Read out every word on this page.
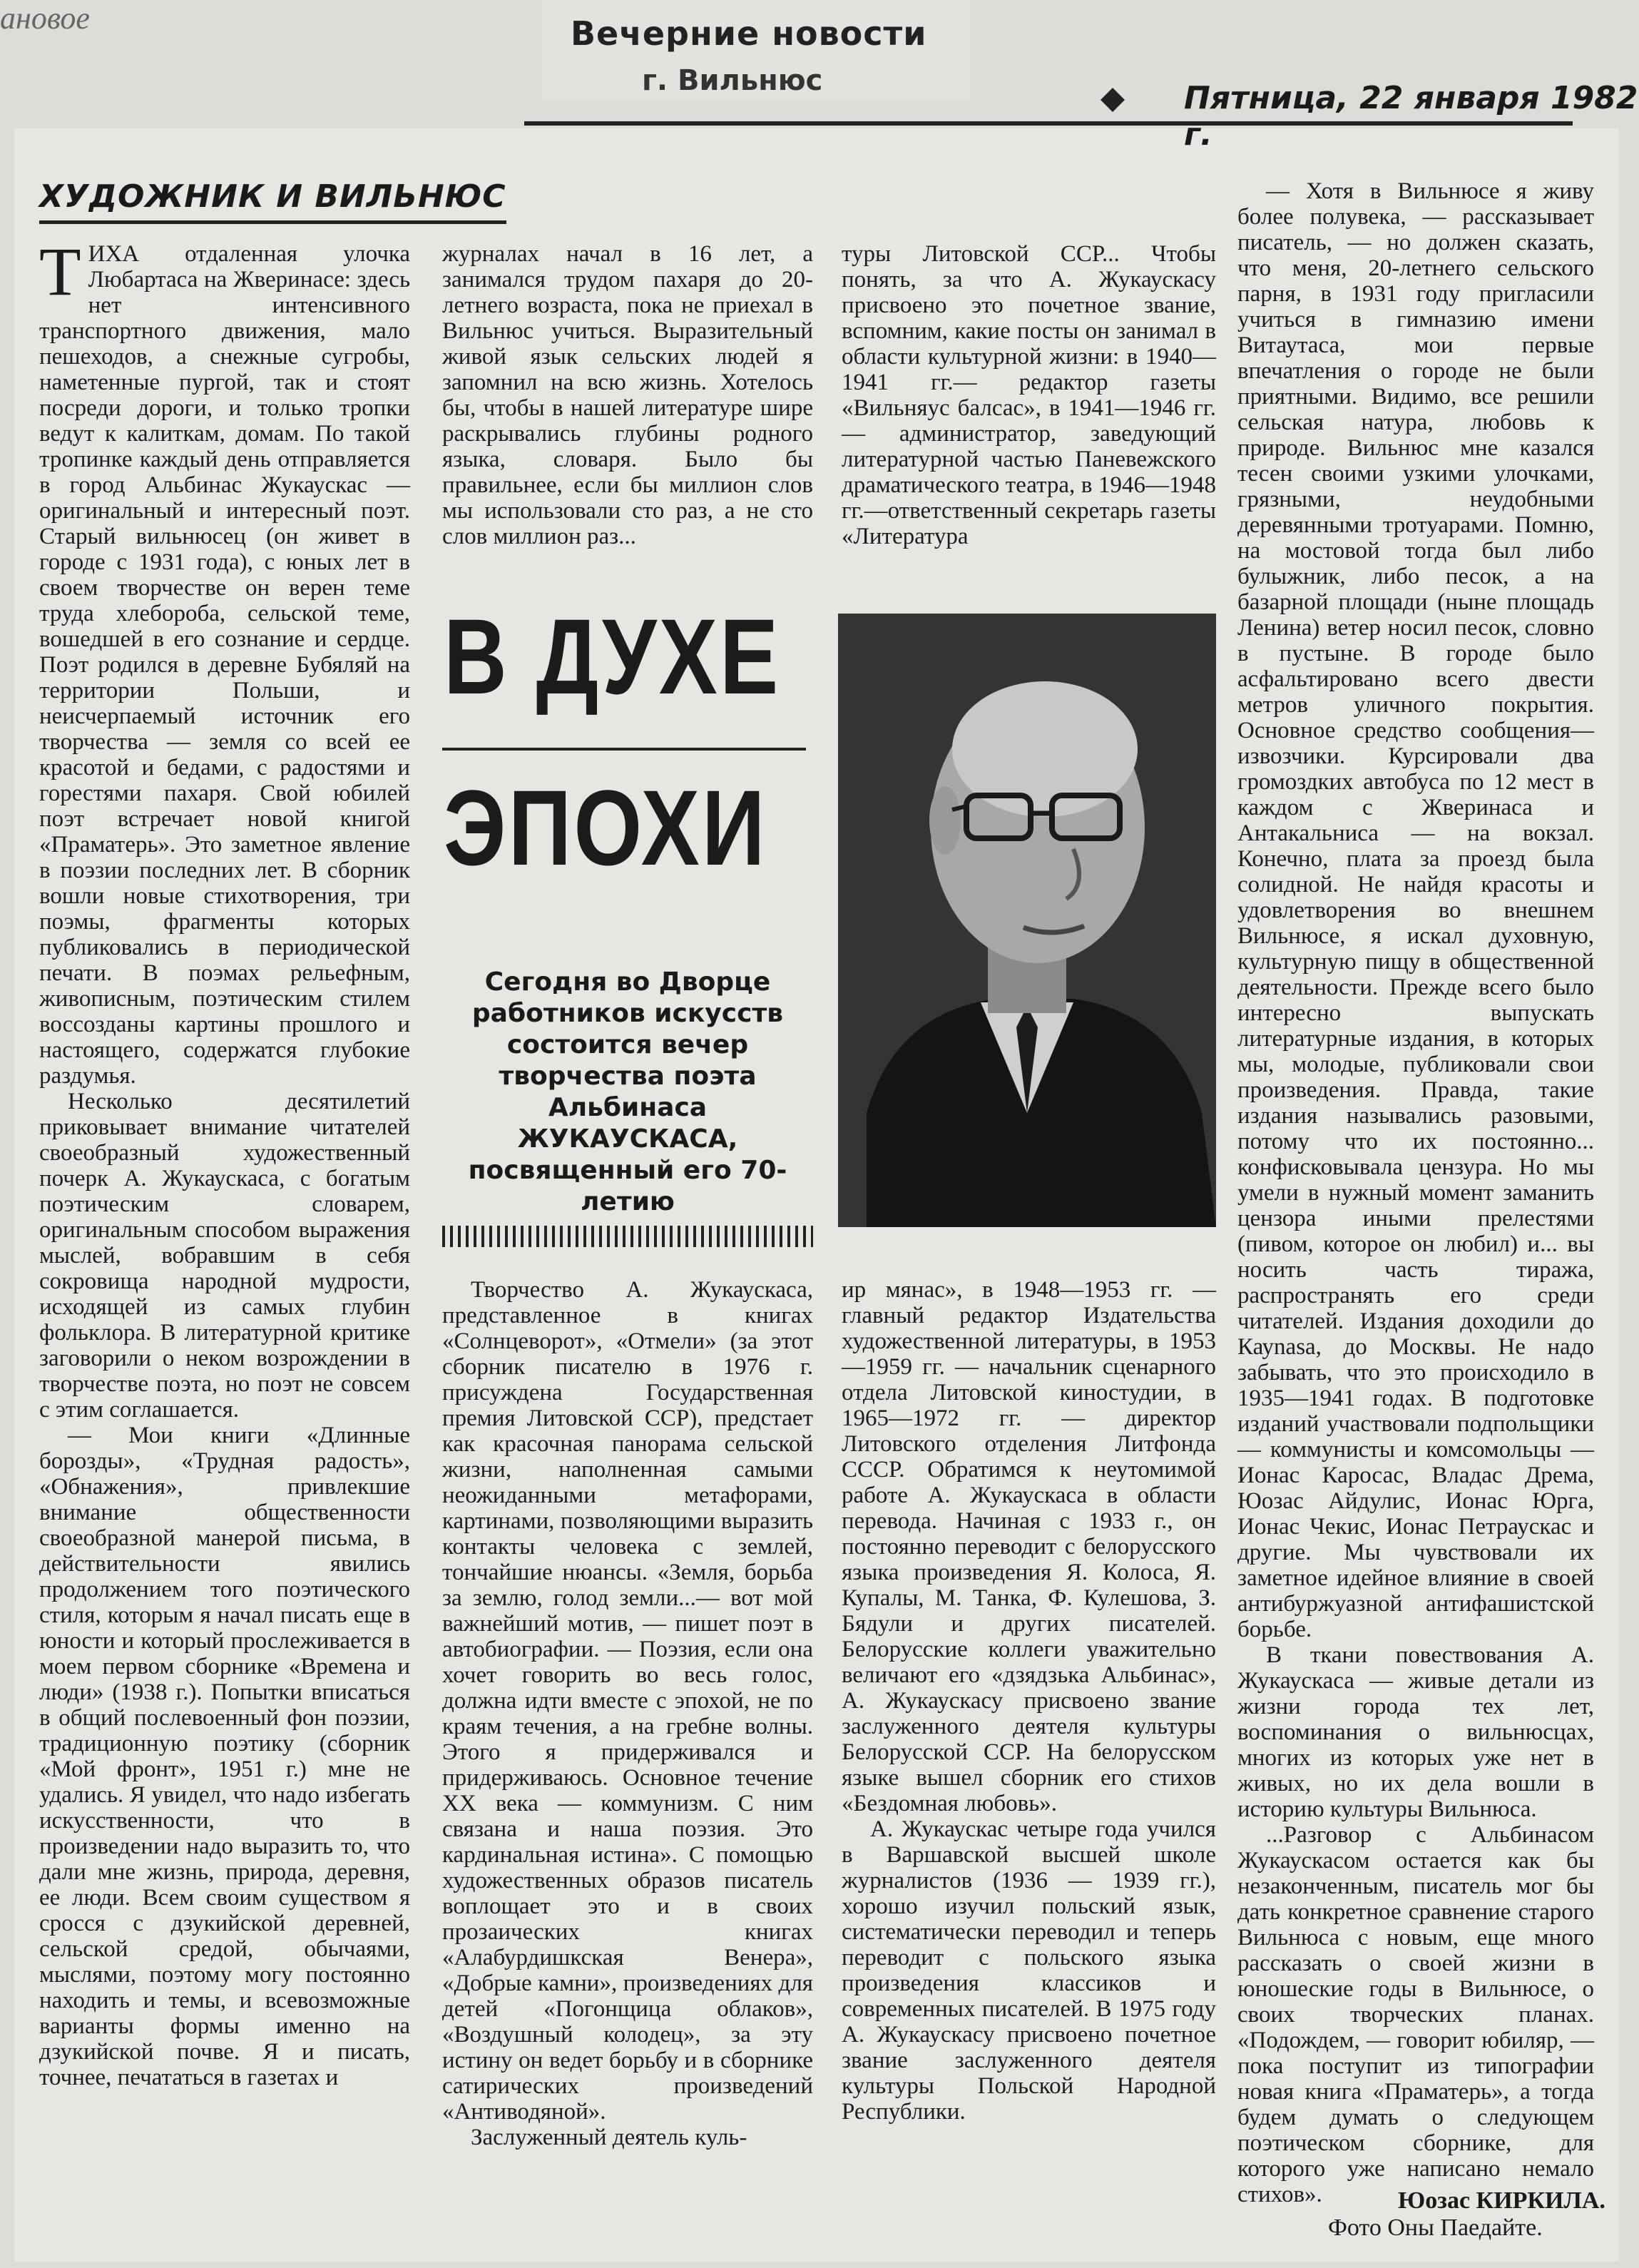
ановое	Вечерние новости
г. Вильнюс	Пятница, 22 января 1982 г.
ХУДОЖНИК И ВИЛЬНЮС

ТИХА отдаленная улочка Любартаса на Жверинасе: здесь нет интенсивного транспортного движения, мало пешеходов, а снежные сугробы, наметенные пургой, так и стоят посреди дороги, и только тропки ведут к калиткам, домам. По такой тропинке каждый день отправляется в город Альбинас Жукаускас — оригинальный и интересный поэт. Старый вильнюсец (он живет в городе с 1931 года), с юных лет в своем творчестве он верен теме труда хлебороба, сельской теме, вошедшей в его сознание и сердце. Поэт родился в деревне Бубяляй на территории Польши, и неисчерпаемый источник его творчества — земля со всей ее красотой и бедами, с радостями и горестями пахаря. Свой юбилей поэт встречает новой книгой «Праматерь». Это заметное явление в поэзии последних лет. В сборник вошли новые стихотворения, три поэмы, фрагменты которых публиковались в периодической печати. В поэмах рельефным, живописным, поэтическим стилем воссозданы картины прошлого и настоящего, содержатся глубокие раздумья.

Несколько десятилетий приковывает внимание читателей своеобразный художественный почерк А. Жукаускаса, с богатым поэтическим словарем, оригинальным способом выражения мыслей, вобравшим в себя сокровища народной мудрости, исходящей из самых глубин фольклора. В литературной критике заговорили о неком возрождении в творчестве поэта, но поэт не совсем с этим соглашается.

— Мои книги «Длинные борозды», «Трудная радость», «Обнажения», привлекшие внимание общественности своеобразной манерой письма, в действительности явились продолжением того поэтического стиля, которым я начал писать еще в юности и который прослеживается в моем первом сборнике «Времена и люди» (1938 г.). Попытки вписаться в общий послевоенный фон поэзии, традиционную поэтику (сборник «Мой фронт», 1951 г.) мне не удались. Я увидел, что надо избегать искусственности, что в произведении надо выразить то, что дали мне жизнь, природа, деревня, ее люди. Всем своим существом я сросся с дзукийской деревней, сельской средой, обычаями, мыслями, поэтому могу постоянно находить и темы, и всевозможные варианты формы именно на дзукийской почве. Я и писать, точнее, печататься в газетах и

журналах начал в 16 лет, а занимался трудом пахаря до 20-летнего возраста, пока не приехал в Вильнюс учиться. Выразительный живой язык сельских людей я запомнил на всю жизнь. Хотелось бы, чтобы в нашей литературе шире раскрывались глубины родного языка, словаря. Было бы правильнее, если бы миллион слов мы использовали сто раз, а не сто слов миллион раз...

В ДУХЕ
ЭПОХИ
Сегодня во Дворце работников искусств состоится вечер творчества поэта Альбинаса ЖУКАУСКАСА, посвященный его 70-летию

Творчество А. Жукаускаса, представленное в книгах «Солнцеворот», «Отмели» (за этот сборник писателю в 1976 г. присуждена Государственная премия Литовской ССР), предстает как красочная панорама сельской жизни, наполненная самыми неожиданными метафорами, картинами, позволяющими выразить контакты человека с землей, тончайшие нюансы. «Земля, борьба за землю, голод земли...— вот мой важнейший мотив, — пишет поэт в автобиографии. — Поэзия, если она хочет говорить во весь голос, должна идти вместе с эпохой, не по краям течения, а на гребне волны. Этого я придерживался и придерживаюсь. Основное течение XX века — коммунизм. С ним связана и наша поэзия. Это кардинальная истина». С помощью художественных образов писатель воплощает это и в своих прозаических книгах «Алабурдишкская Венера», «Добрые камни», произведениях для детей «Погонщица облаков», «Воздушный колодец», за эту истину он ведет борьбу и в сборнике сатирических произведений «Антиводяной».

Заслуженный деятель куль-

туры Литовской ССР... Чтобы понять, за что А. Жукаускасу присвоено это почетное звание, вспомним, какие посты он занимал в области культурной жизни: в 1940—1941 гг.— редактор газеты «Вильняус балсас», в 1941—1946 гг. — администратор, заведующий литературной частью Паневежского драматического театра, в 1946—1948 гг.—ответственный секретарь газеты «Литература

ир мянас», в 1948—1953 гг. — главный редактор Издательства художественной литературы, в 1953—1959 гг. — начальник сценарного отдела Литовской киностудии, в 1965—1972 гг. — директор Литовского отделения Литфонда СССР. Обратимся к неутомимой работе А. Жукаускаса в области перевода. Начиная с 1933 г., он постоянно переводит с белорусского языка произведения Я. Колоса, Я. Купалы, М. Танка, Ф. Кулешова, З. Бядули и других писателей. Белорусские коллеги уважительно величают его «дзядзька Альбинас», А. Жукаускасу присвоено звание заслуженного деятеля культуры Белорусской ССР. На белорусском языке вышел сборник его стихов «Бездомная любовь».

А. Жукаускас четыре года учился в Варшавской высшей школе журналистов (1936 — 1939 гг.), хорошо изучил польский язык, систематически переводил и теперь переводит с польского языка произведения классиков и современных писателей. В 1975 году А. Жукаускасу присвоено почетное звание заслуженного деятеля культуры Польской Народной Республики.

— Хотя в Вильнюсе я живу более полувека, — рассказывает писатель, — но должен сказать, что меня, 20-летнего сельского парня, в 1931 году пригласили учиться в гимназию имени Витаутаса, мои первые впечатления о городе не были приятными. Видимо, все решили сельская натура, любовь к природе. Вильнюс мне казался тесен своими узкими улочками, грязными, неудобными деревянными тротуарами. Помню, на мостовой тогда был либо булыжник, либо песок, а на базарной площади (ныне площадь Ленина) ветер носил песок, словно в пустыне. В городе было асфальтировано всего двести метров уличного покрытия. Основное средство сообщения—извозчики. Курсировали два громоздких автобуса по 12 мест в каждом с Жверинаса и Антакальниса — на вокзал. Конечно, плата за проезд была солидной. Не найдя красоты и удовлетворения во внешнем Вильнюсе, я искал духовную, культурную пищу в общественной деятельности. Прежде всего было интересно выпускать литературные издания, в которых мы, молодые, публиковали свои произведения. Правда, такие издания назывались разовыми, потому что их постоянно... конфисковывала цензура. Но мы умели в нужный момент заманить цензора иными прелестями (пивом, которое он любил) и... вы носить часть тиража, распространять его среди читателей. Издания доходили до Кауnasа, до Москвы. Не надо забывать, что это происходило в 1935—1941 годах. В подготовке изданий участвовали подпольщики — коммунисты и комсомольцы — Ионас Каросас, Владас Дрема, Юозас Айдулис, Ионас Юрга, Ионас Чекис, Ионас Петраускас и другие. Мы чувствовали их заметное идейное влияние в своей антибуржуазной антифашистской борьбе.

В ткани повествования А. Жукаускаса — живые детали из жизни города тех лет, воспоминания о вильнюсцах, многих из которых уже нет в живых, но их дела вошли в историю культуры Вильнюса.

...Разговор с Альбинасом Жукаускасом остается как бы незаконченным, писатель мог бы дать конкретное сравнение старого Вильнюса с новым, еще много рассказать о своей жизни в юношеские годы в Вильнюсе, о своих творческих планах. «Подождем, — говорит юбиляр, — пока поступит из типографии новая книга «Праматерь», а тогда будем думать о следующем поэтическом сборнике, для которого уже написано немало стихов».	Юозас КИРКИЛА.
Фото Оны Паедайте.
